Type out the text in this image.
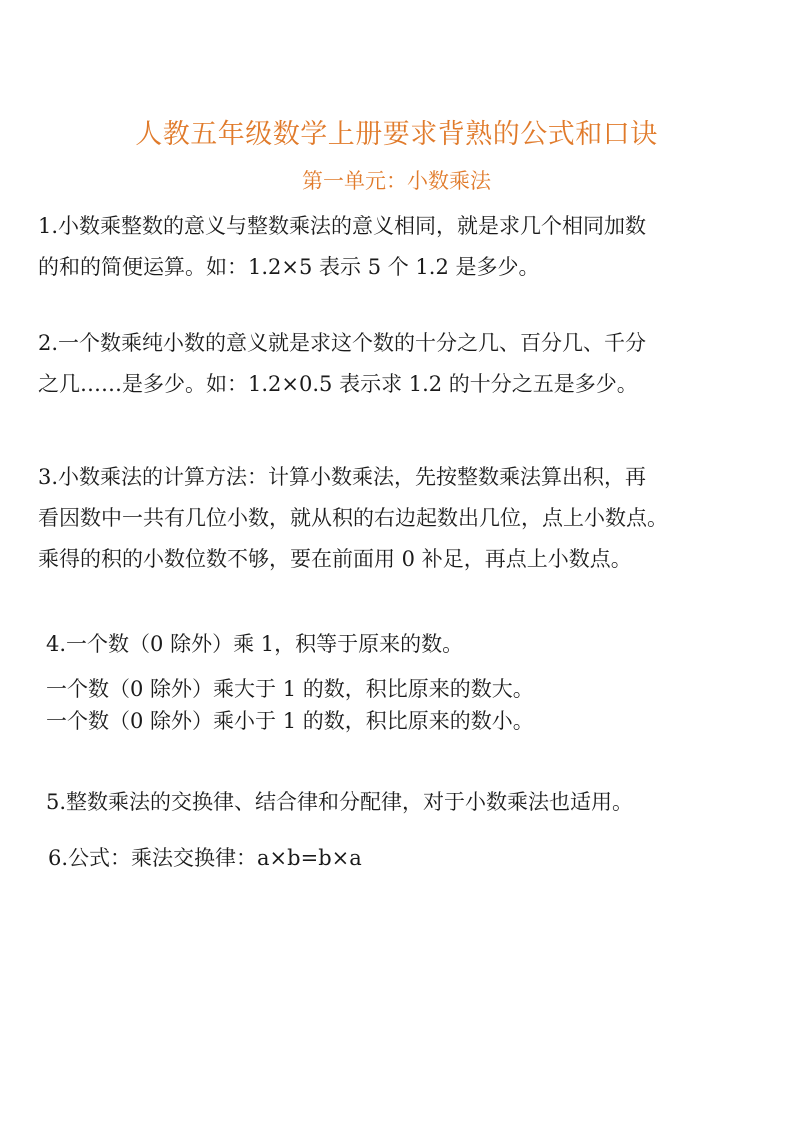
人教五年级数学上册要求背熟的公式和口诀
第一单元：小数乘法
1.小数乘整数的意义与整数乘法的意义相同，就是求几个相同加数
的和的简便运算。如：1.2×5 表示 5 个 1.2 是多少。
2.一个数乘纯小数的意义就是求这个数的十分之几、百分几、千分
之几……是多少。如：1.2×0.5 表示求 1.2 的十分之五是多少。
3.小数乘法的计算方法：计算小数乘法，先按整数乘法算出积，再
看因数中一共有几位小数，就从积的右边起数出几位，点上小数点。
乘得的积的小数位数不够，要在前面用 0 补足，再点上小数点。
4.一个数（0 除外）乘 1，积等于原来的数。
一个数（0 除外）乘大于 1 的数，积比原来的数大。
一个数（0 除外）乘小于 1 的数，积比原来的数小。
5.整数乘法的交换律、结合律和分配律，对于小数乘法也适用。
6.公式：乘法交换律：a×b=b×a
